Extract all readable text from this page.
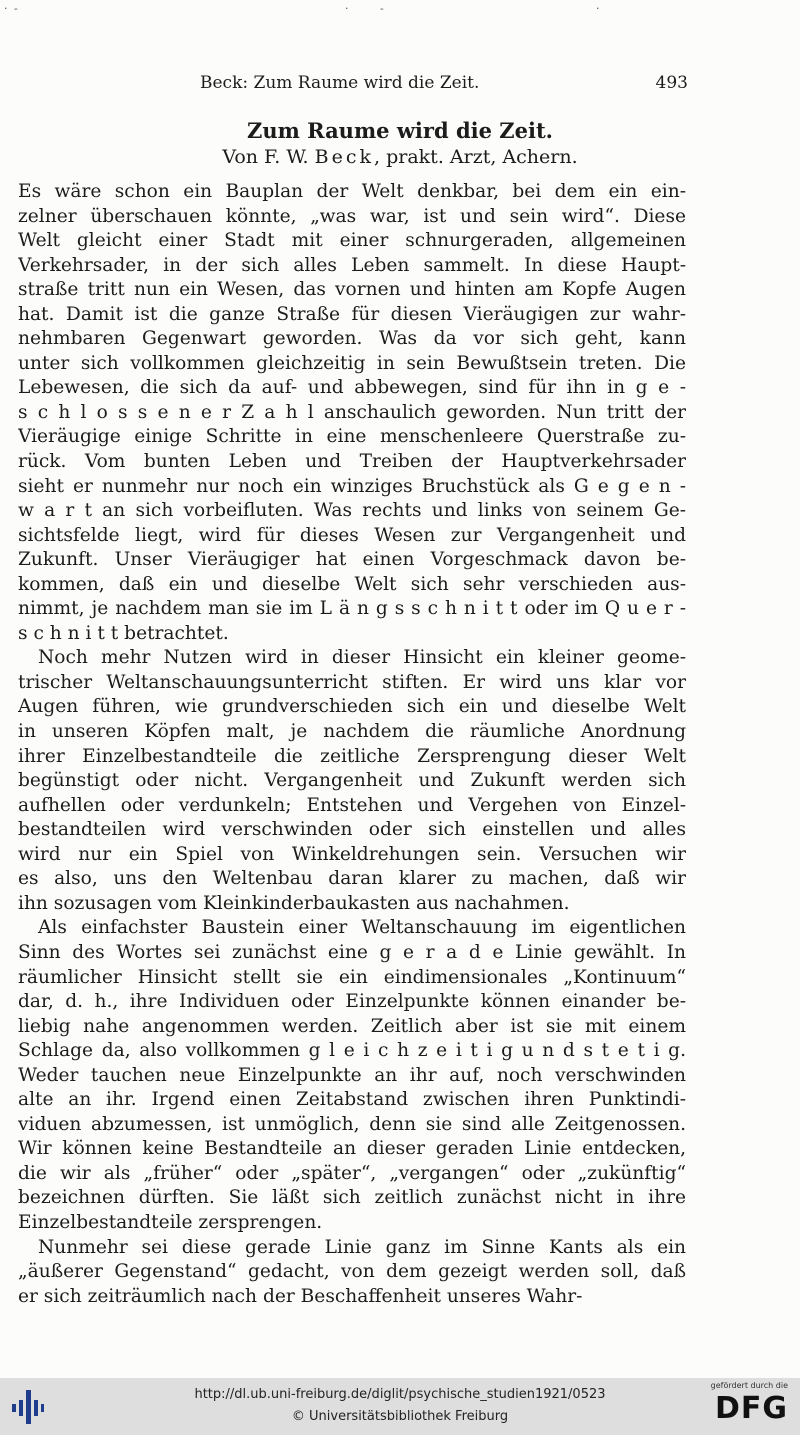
· -	·	-	·
Beck: Zum Raume wird die Zeit.	493
Zum Raume wird die Zeit.
Von F. W. Beck, prakt. Arzt, Achern.
Es wäre schon ein Bauplan der Welt denkbar, bei dem ein ein-
zelner überschauen könnte, „was war, ist und sein wird“. Diese
Welt gleicht einer Stadt mit einer schnurgeraden, allgemeinen
Verkehrsader, in der sich alles Leben sammelt. In diese Haupt-
straße tritt nun ein Wesen, das vornen und hinten am Kopfe Augen
hat. Damit ist die ganze Straße für diesen Vieräugigen zur wahr-
nehmbaren Gegenwart geworden. Was da vor sich geht, kann
unter sich vollkommen gleichzeitig in sein Bewußtsein treten. Die
Lebewesen, die sich da auf- und abbewegen, sind für ihn in g e -
s c h l o s s e n e r Z a h l anschaulich geworden. Nun tritt der
Vieräugige einige Schritte in eine menschenleere Querstraße zu-
rück. Vom bunten Leben und Treiben der Hauptverkehrsader
sieht er nunmehr nur noch ein winziges Bruchstück als G e g e n -
w a r t an sich vorbeifluten. Was rechts und links von seinem Ge-
sichtsfelde liegt, wird für dieses Wesen zur Vergangenheit und
Zukunft. Unser Vieräugiger hat einen Vorgeschmack davon be-
kommen, daß ein und dieselbe Welt sich sehr verschieden aus-
nimmt, je nachdem man sie im L ä n g s s c h n i t t oder im Q u e r -
s c h n i t t betrachtet.
Noch mehr Nutzen wird in dieser Hinsicht ein kleiner geome-
trischer Weltanschauungsunterricht stiften. Er wird uns klar vor
Augen führen, wie grundverschieden sich ein und dieselbe Welt
in unseren Köpfen malt, je nachdem die räumliche Anordnung
ihrer Einzelbestandteile die zeitliche Zersprengung dieser Welt
begünstigt oder nicht. Vergangenheit und Zukunft werden sich
aufhellen oder verdunkeln; Entstehen und Vergehen von Einzel-
bestandteilen wird verschwinden oder sich einstellen und alles
wird nur ein Spiel von Winkeldrehungen sein. Versuchen wir
es also, uns den Weltenbau daran klarer zu machen, daß wir
ihn sozusagen vom Kleinkinderbaukasten aus nachahmen.
Als einfachster Baustein einer Weltanschauung im eigentlichen
Sinn des Wortes sei zunächst eine g e r a d e Linie gewählt. In
räumlicher Hinsicht stellt sie ein eindimensionales „Kontinuum“
dar, d. h., ihre Individuen oder Einzelpunkte können einander be-
liebig nahe angenommen werden. Zeitlich aber ist sie mit einem
Schlage da, also vollkommen g l e i c h z e i t i g u n d s t e t i g.
Weder tauchen neue Einzelpunkte an ihr auf, noch verschwinden
alte an ihr. Irgend einen Zeitabstand zwischen ihren Punktindi-
viduen abzumessen, ist unmöglich, denn sie sind alle Zeitgenossen.
Wir können keine Bestandteile an dieser geraden Linie entdecken,
die wir als „früher“ oder „später“, „vergangen“ oder „zukünftig“
bezeichnen dürften. Sie läßt sich zeitlich zunächst nicht in ihre
Einzelbestandteile zersprengen.
Nunmehr sei diese gerade Linie ganz im Sinne Kants als ein
„äußerer Gegenstand“ gedacht, von dem gezeigt werden soll, daß
er sich zeiträumlich nach der Beschaffenheit unseres Wahr-
http://dl.ub.uni-freiburg.de/diglit/psychische_studien1921/0523
© Universitätsbibliothek Freiburg
gefördert durch die
DFG
